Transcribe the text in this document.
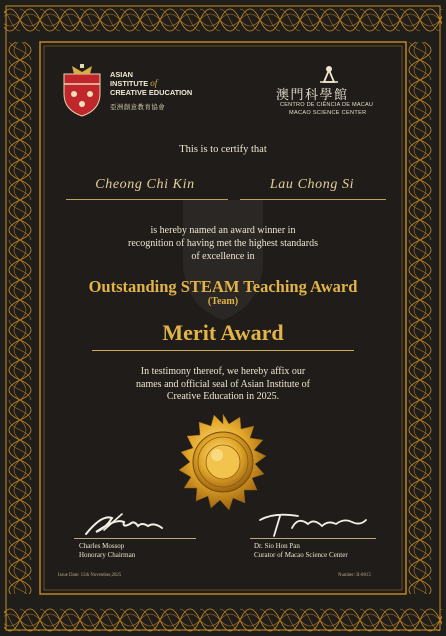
ASIAN
INSTITUTE of
CREATIVE EDUCATION
亞洲創意教育協會
澳門科學館
CENTRO DE CIÊNCIA DE MACAU
MACAO SCIENCE CENTER
This is to certify that
Cheong Chi Kin	Lau Chong Si
is hereby named an award winner in
recognition of having met the highest standards
of excellence in
Outstanding STEAM Teaching Award
(Team)
Merit Award
In testimony thereof, we hereby affix our
names and official seal of Asian Institute of
Creative Education in 2025.
Charles Mossop
Honorary Chairman
Dr. Sio Hon Pan
Curator of Macao Science Center
Issue Date: 15th November,2025	Number: II-0813
